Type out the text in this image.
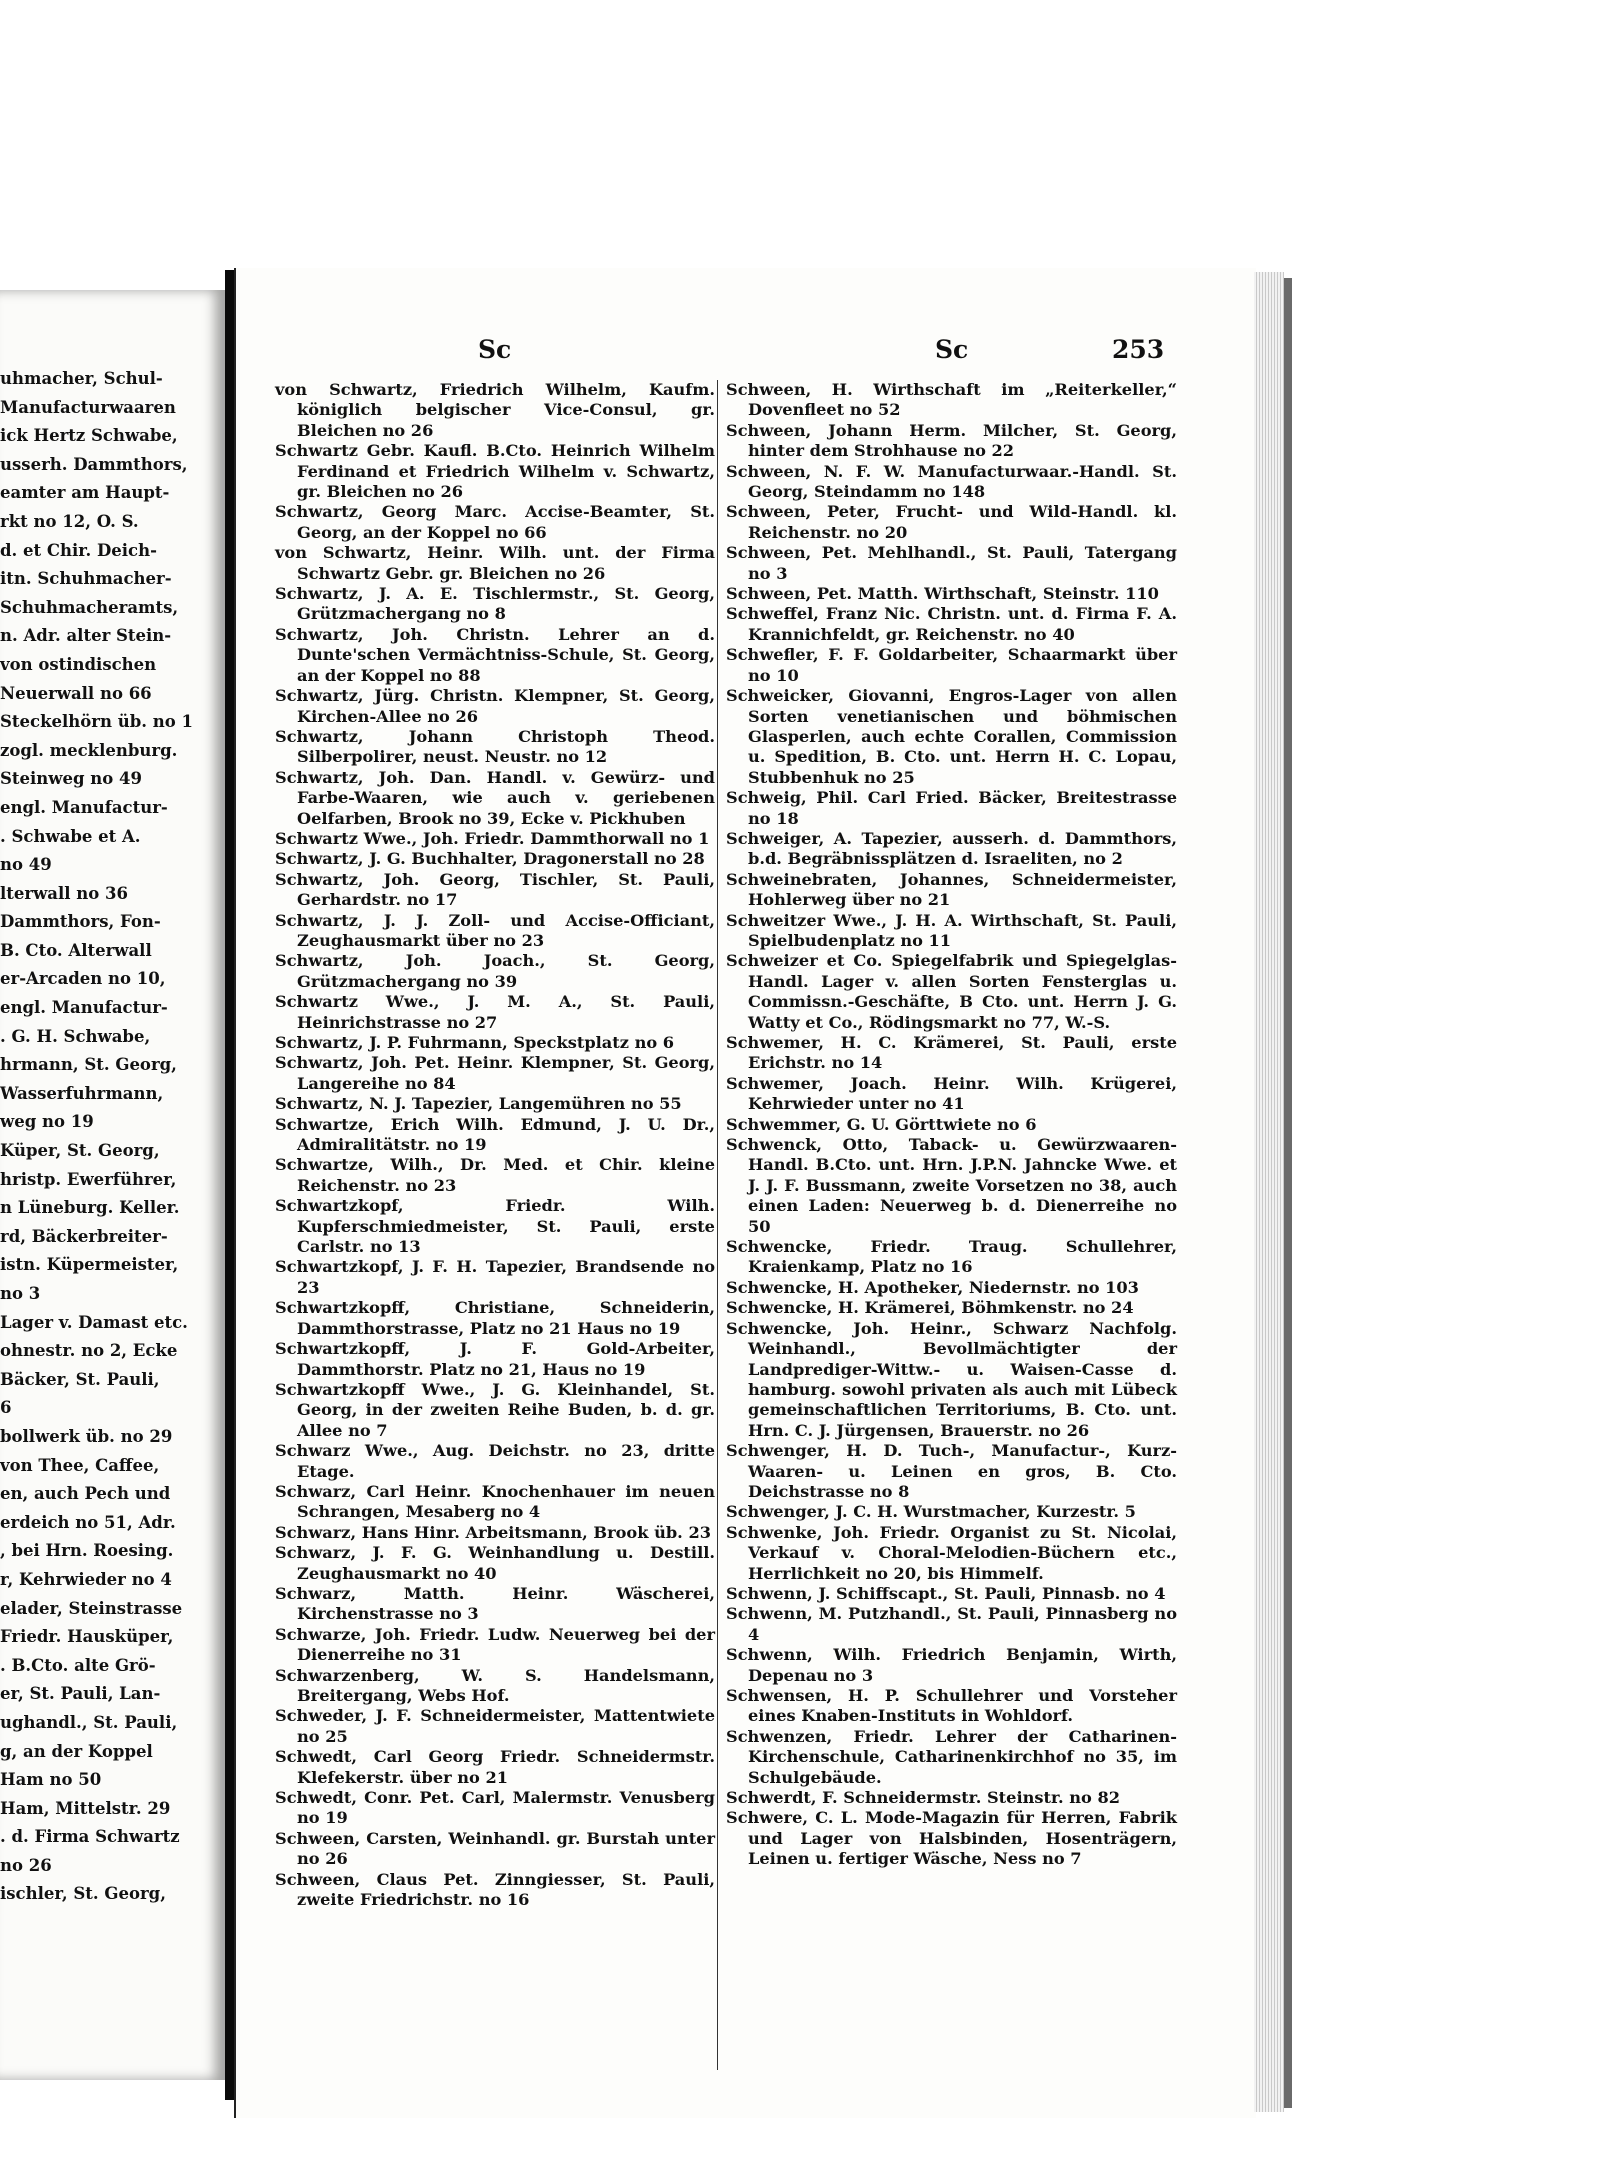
uhmacher, Schul-
Manufacturwaaren
ick Hertz Schwabe,
usserh. Dammthors,
eamter am Haupt-
rkt no 12, O. S.
d. et Chir. Deich-
itn. Schuhmacher-
Schuhmacheramts,
n. Adr. alter Stein-
von ostindischen
Neuerwall no 66
Steckelhörn üb. no 1
zogl. mecklenburg.
Steinweg no 49
engl. Manufactur-
. Schwabe et A.
no 49
lterwall no 36
Dammthors, Fon-
B. Cto. Alterwall
er-Arcaden no 10,
engl. Manufactur-
. G. H. Schwabe,
hrmann, St. Georg,
Wasserfuhrmann,
weg no 19
Küper, St. Georg,
hristp. Ewerführer,
n Lüneburg. Keller.
rd, Bäckerbreiter-
istn. Küpermeister,
no 3
Lager v. Damast etc.
ohnestr. no 2, Ecke
Bäcker, St. Pauli,
6
bollwerk üb. no 29
von Thee, Caffee,
en, auch Pech und
erdeich no 51, Adr.
, bei Hrn. Roesing.
r, Kehrwieder no 4
elader, Steinstrasse
Friedr. Hausküper,
. B.Cto. alte Grö-
er, St. Pauli, Lan-
ughandl., St. Pauli,
g, an der Koppel
Ham no 50
Ham, Mittelstr. 29
. d. Firma Schwartz
no 26
ischler, St. Georg,
Sc	Sc	253
von Schwartz, Friedrich Wilhelm, Kaufm. königlich belgischer Vice-Consul, gr. Bleichen no 26
Schwartz Gebr. Kaufl. B.Cto. Heinrich Wilhelm Ferdinand et Friedrich Wilhelm v. Schwartz, gr. Bleichen no 26
Schwartz, Georg Marc. Accise-Beamter, St. Georg, an der Koppel no 66
von Schwartz, Heinr. Wilh. unt. der Firma Schwartz Gebr. gr. Bleichen no 26
Schwartz, J. A. E. Tischlermstr., St. Georg, Grützmachergang no 8
Schwartz, Joh. Christn. Lehrer an d. Dunte'schen Vermächtniss-Schule, St. Georg, an der Koppel no 88
Schwartz, Jürg. Christn. Klempner, St. Georg, Kirchen-Allee no 26
Schwartz, Johann Christoph Theod. Silberpolirer, neust. Neustr. no 12
Schwartz, Joh. Dan. Handl. v. Gewürz- und Farbe-Waaren, wie auch v. geriebenen Oelfarben, Brook no 39, Ecke v. Pickhuben
Schwartz Wwe., Joh. Friedr. Dammthorwall no 1
Schwartz, J. G. Buchhalter, Dragonerstall no 28
Schwartz, Joh. Georg, Tischler, St. Pauli, Gerhardstr. no 17
Schwartz, J. J. Zoll- und Accise-Officiant, Zeughausmarkt über no 23
Schwartz, Joh. Joach., St. Georg, Grützmachergang no 39
Schwartz Wwe., J. M. A., St. Pauli, Heinrichstrasse no 27
Schwartz, J. P. Fuhrmann, Speckstplatz no 6
Schwartz, Joh. Pet. Heinr. Klempner, St. Georg, Langereihe no 84
Schwartz, N. J. Tapezier, Langemühren no 55
Schwartze, Erich Wilh. Edmund, J. U. Dr., Admiralitätstr. no 19
Schwartze, Wilh., Dr. Med. et Chir. kleine Reichenstr. no 23
Schwartzkopf, Friedr. Wilh. Kupferschmiedmeister, St. Pauli, erste Carlstr. no 13
Schwartzkopf, J. F. H. Tapezier, Brandsende no 23
Schwartzkopff, Christiane, Schneiderin, Dammthorstrasse, Platz no 21 Haus no 19
Schwartzkopff, J. F. Gold-Arbeiter, Dammthorstr. Platz no 21, Haus no 19
Schwartzkopff Wwe., J. G. Kleinhandel, St. Georg, in der zweiten Reihe Buden, b. d. gr. Allee no 7
Schwarz Wwe., Aug. Deichstr. no 23, dritte Etage.
Schwarz, Carl Heinr. Knochenhauer im neuen Schrangen, Mesaberg no 4
Schwarz, Hans Hinr. Arbeitsmann, Brook üb. 23
Schwarz, J. F. G. Weinhandlung u. Destill. Zeughausmarkt no 40
Schwarz, Matth. Heinr. Wäscherei, Kirchenstrasse no 3
Schwarze, Joh. Friedr. Ludw. Neuerweg bei der Dienerreihe no 31
Schwarzenberg, W. S. Handelsmann, Breitergang, Webs Hof.
Schweder, J. F. Schneidermeister, Mattentwiete no 25
Schwedt, Carl Georg Friedr. Schneidermstr. Klefekerstr. über no 21
Schwedt, Conr. Pet. Carl, Malermstr. Venusberg no 19
Schween, Carsten, Weinhandl. gr. Burstah unter no 26
Schween, Claus Pet. Zinngiesser, St. Pauli, zweite Friedrichstr. no 16
Schween, H. Wirthschaft im „Reiterkeller,“ Dovenfleet no 52
Schween, Johann Herm. Milcher, St. Georg, hinter dem Strohhause no 22
Schween, N. F. W. Manufacturwaar.-Handl. St. Georg, Steindamm no 148
Schween, Peter, Frucht- und Wild-Handl. kl. Reichenstr. no 20
Schween, Pet. Mehlhandl., St. Pauli, Tatergang no 3
Schween, Pet. Matth. Wirthschaft, Steinstr. 110
Schweffel, Franz Nic. Christn. unt. d. Firma F. A. Krannichfeldt, gr. Reichenstr. no 40
Schwefler, F. F. Goldarbeiter, Schaarmarkt über no 10
Schweicker, Giovanni, Engros-Lager von allen Sorten venetianischen und böhmischen Glasperlen, auch echte Corallen, Commission u. Spedition, B. Cto. unt. Herrn H. C. Lopau, Stubbenhuk no 25
Schweig, Phil. Carl Fried. Bäcker, Breitestrasse no 18
Schweiger, A. Tapezier, ausserh. d. Dammthors, b.d. Begräbnissplätzen d. Israeliten, no 2
Schweinebraten, Johannes, Schneidermeister, Hohlerweg über no 21
Schweitzer Wwe., J. H. A. Wirthschaft, St. Pauli, Spielbudenplatz no 11
Schweizer et Co. Spiegelfabrik und Spiegelglas-Handl. Lager v. allen Sorten Fensterglas u. Commissn.-Geschäfte, B Cto. unt. Herrn J. G. Watty et Co., Rödingsmarkt no 77, W.-S.
Schwemer, H. C. Krämerei, St. Pauli, erste Erichstr. no 14
Schwemer, Joach. Heinr. Wilh. Krügerei, Kehrwieder unter no 41
Schwemmer, G. U. Görttwiete no 6
Schwenck, Otto, Taback- u. Gewürzwaaren-Handl. B.Cto. unt. Hrn. J.P.N. Jahncke Wwe. et J. J. F. Bussmann, zweite Vorsetzen no 38, auch einen Laden: Neuerweg b. d. Dienerreihe no 50
Schwencke, Friedr. Traug. Schullehrer, Kraienkamp, Platz no 16
Schwencke, H. Apotheker, Niedernstr. no 103
Schwencke, H. Krämerei, Böhmkenstr. no 24
Schwencke, Joh. Heinr., Schwarz Nachfolg. Weinhandl., Bevollmächtigter der Landprediger-Wittw.- u. Waisen-Casse d. hamburg. sowohl privaten als auch mit Lübeck gemeinschaftlichen Territoriums, B. Cto. unt. Hrn. C. J. Jürgensen, Brauerstr. no 26
Schwenger, H. D. Tuch-, Manufactur-, Kurz-Waaren- u. Leinen en gros, B. Cto. Deichstrasse no 8
Schwenger, J. C. H. Wurstmacher, Kurzestr. 5
Schwenke, Joh. Friedr. Organist zu St. Nicolai, Verkauf v. Choral-Melodien-Büchern etc., Herrlichkeit no 20, bis Himmelf.
Schwenn, J. Schiffscapt., St. Pauli, Pinnasb. no 4
Schwenn, M. Putzhandl., St. Pauli, Pinnasberg no 4
Schwenn, Wilh. Friedrich Benjamin, Wirth, Depenau no 3
Schwensen, H. P. Schullehrer und Vorsteher eines Knaben-Instituts in Wohldorf.
Schwenzen, Friedr. Lehrer der Catharinen-Kirchenschule, Catharinenkirchhof no 35, im Schulgebäude.
Schwerdt, F. Schneidermstr. Steinstr. no 82
Schwere, C. L. Mode-Magazin für Herren, Fabrik und Lager von Halsbinden, Hosenträgern, Leinen u. fertiger Wäsche, Ness no 7
